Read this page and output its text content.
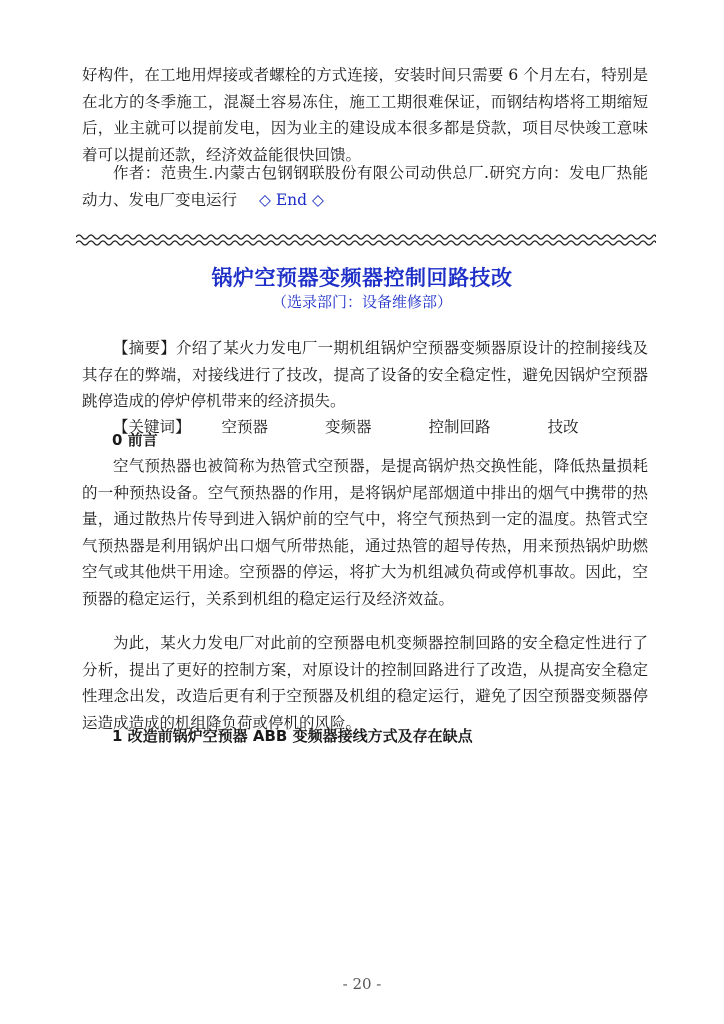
好构件，在工地用焊接或者螺栓的方式连接，安装时间只需要 6 个月左右，特别是在北方的冬季施工，混凝土容易冻住，施工工期很难保证，而钢结构塔将工期缩短后，业主就可以提前发电，因为业主的建设成本很多都是贷款，项目尽快竣工意味着可以提前还款，经济效益能很快回馈。

作者：范贵生.内蒙古包钢钢联股份有限公司动供总厂.研究方向：发电厂热能动力、发电厂变电运行 ◇ End ◇

锅炉空预器变频器控制回路技改

（选录部门：设备维修部）

【摘要】介绍了某火力发电厂一期机组锅炉空预器变频器原设计的控制接线及其存在的弊端，对接线进行了技改，提高了设备的安全稳定性，避免因锅炉空预器跳停造成的停炉停机带来的经济损失。

【关键词】 空预器	变频器	控制回路	技改

0 前言

空气预热器也被简称为热管式空预器，是提高锅炉热交换性能，降低热量损耗的一种预热设备。空气预热器的作用，是将锅炉尾部烟道中排出的烟气中携带的热量，通过散热片传导到进入锅炉前的空气中，将空气预热到一定的温度。热管式空气预热器是利用锅炉出口烟气所带热能，通过热管的超导传热，用来预热锅炉助燃空气或其他烘干用途。空预器的停运，将扩大为机组减负荷或停机事故。因此，空预器的稳定运行，关系到机组的稳定运行及经济效益。

为此，某火力发电厂对此前的空预器电机变频器控制回路的安全稳定性进行了分析，提出了更好的控制方案，对原设计的控制回路进行了改造，从提高安全稳定性理念出发，改造后更有利于空预器及机组的稳定运行，避免了因空预器变频器停运造成造成的机组降负荷或停机的风险。

1 改造前锅炉空预器 ABB 变频器接线方式及存在缺点

- 20 -
